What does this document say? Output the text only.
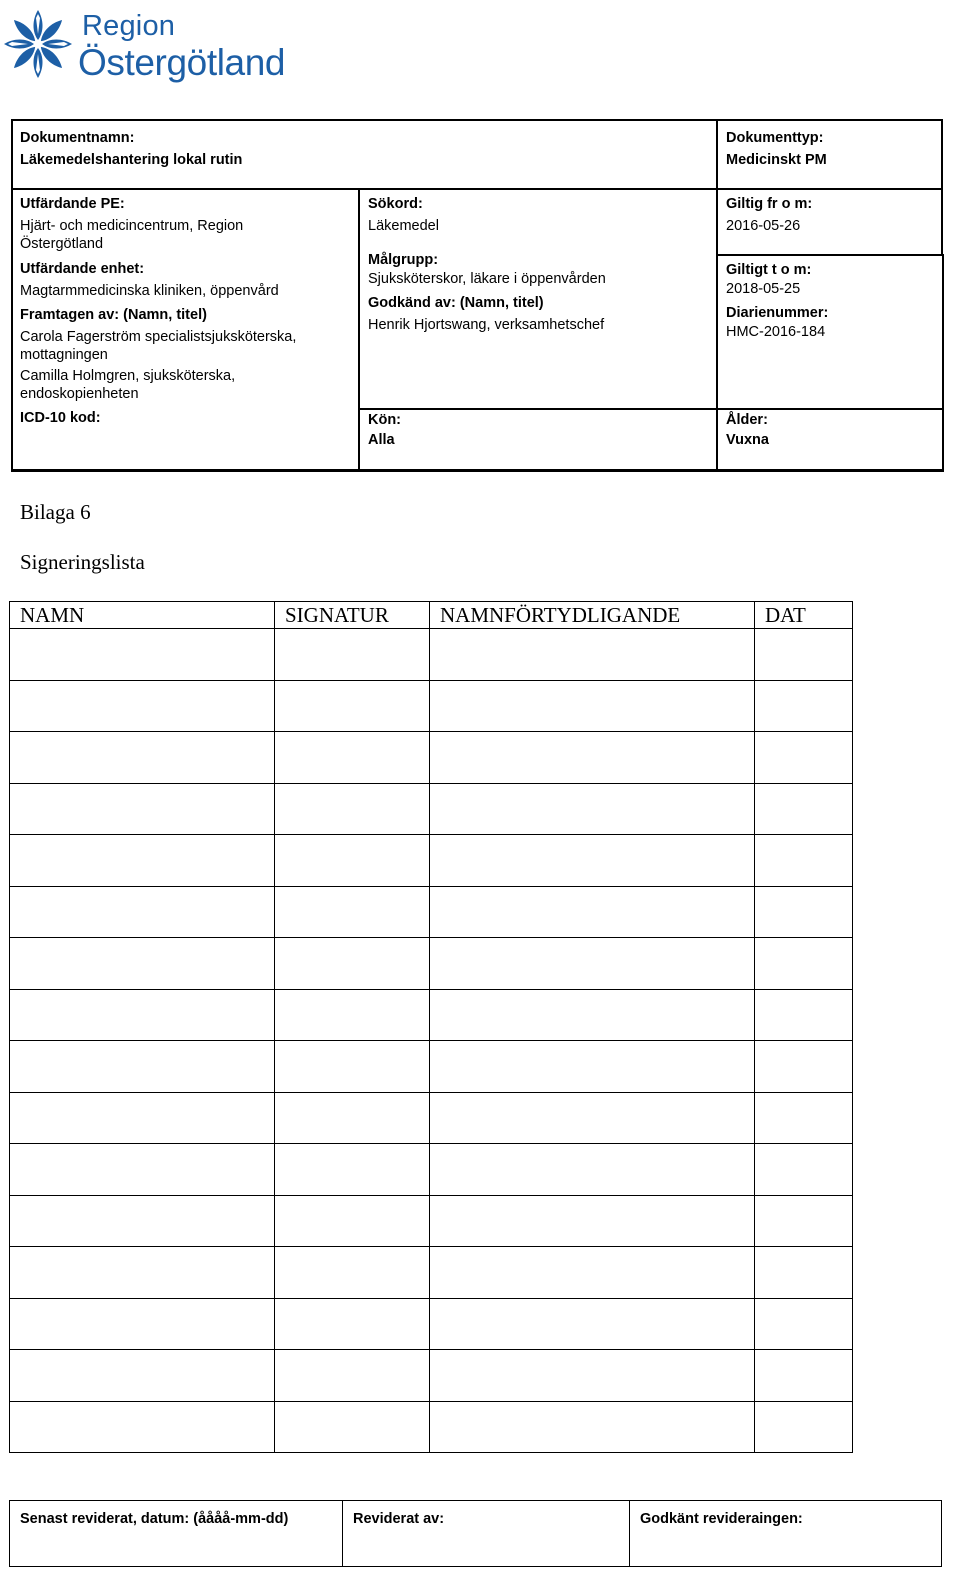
Region
Östergötland
Dokumentnamn:
Läkemedelshantering lokal rutin
Dokumenttyp:
Medicinskt PM
Utfärdande PE:
Hjärt- och medicincentrum, Region
Östergötland
Utfärdande enhet:
Magtarmmedicinska kliniken, öppenvård
Framtagen av: (Namn, titel)
Carola Fagerström specialistsjuksköterska,
mottagningen
Camilla Holmgren, sjuksköterska,
endoskopienheten
ICD-10 kod:
Sökord:
Läkemedel
Målgrupp:
Sjuksköterskor, läkare i öppenvården
Godkänd av: (Namn, titel)
Henrik Hjortswang, verksamhetschef
Kön:
Alla
Giltig fr o m:
2016-05-26
Giltigt t o m:
2018-05-25
Diarienummer:
HMC-2016-184
Ålder:
Vuxna
Bilaga 6
Signeringslista
NAMN	SIGNATUR	NAMNFÖRTYDLIGANDE	DAT

Senast reviderat, datum: (åååå-mm-dd)	Reviderat av:	Godkänt revideraingen:
